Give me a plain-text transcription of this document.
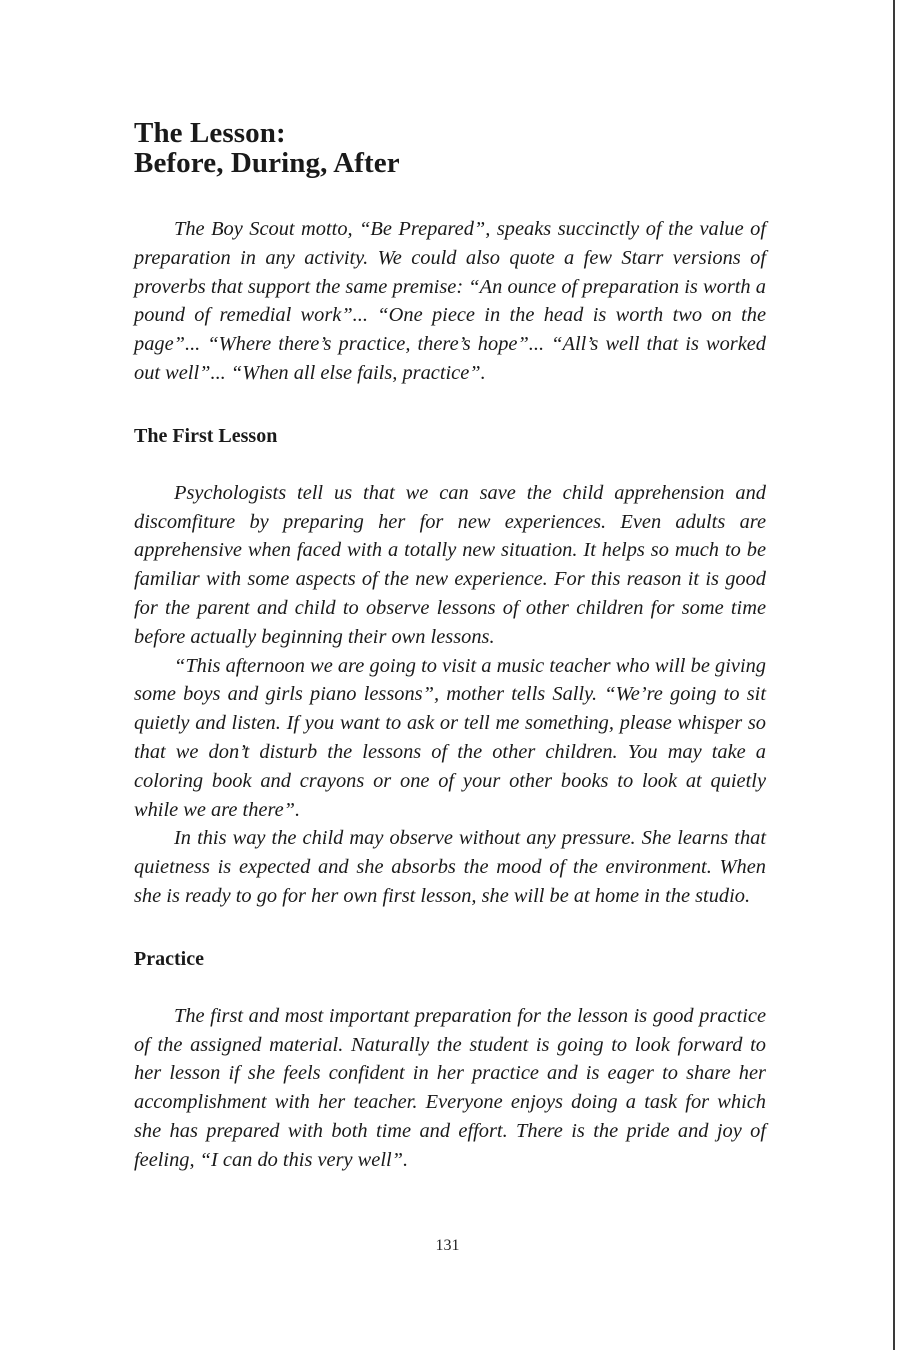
The Lesson:
Before, During, After

The Boy Scout motto, “Be Prepared”, speaks succinctly of the value of preparation in any activity. We could also quote a few Starr versions of proverbs that support the same premise: “An ounce of preparation is worth a pound of remedial work”... “One piece in the head is worth two on the page”... “Where there’s practice, there’s hope”... “All’s well that is worked out well”... “When all else fails, practice”.

The First Lesson

Psychologists tell us that we can save the child apprehension and discomfiture by preparing her for new experiences. Even adults are apprehensive when faced with a totally new situation. It helps so much to be familiar with some aspects of the new experience. For this reason it is good for the parent and child to observe lessons of other children for some time before actually beginning their own lessons.

“This afternoon we are going to visit a music teacher who will be giving some boys and girls piano lessons”, mother tells Sally. “We’re going to sit quietly and listen. If you want to ask or tell me something, please whisper so that we don’t disturb the lessons of the other children. You may take a coloring book and crayons or one of your other books to look at quietly while we are there”.

In this way the child may observe without any pressure. She learns that quietness is expected and she absorbs the mood of the environment. When she is ready to go for her own first lesson, she will be at home in the studio.

Practice

The first and most important preparation for the lesson is good practice of the assigned material. Naturally the student is going to look forward to her lesson if she feels confident in her practice and is eager to share her accomplishment with her teacher. Everyone enjoys doing a task for which she has prepared with both time and effort. There is the pride and joy of feeling, “I can do this very well”.

131
